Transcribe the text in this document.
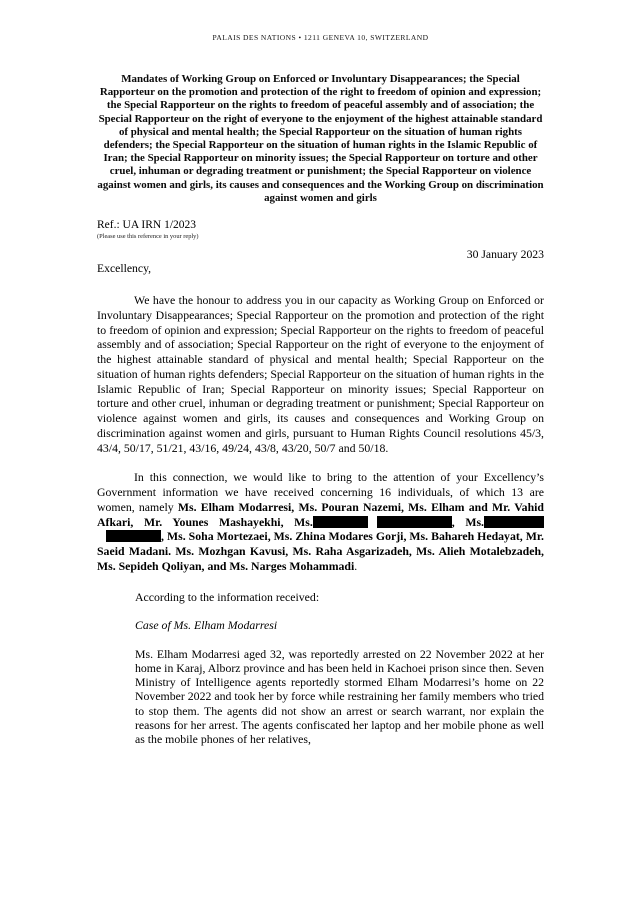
PALAIS DES NATIONS • 1211 GENEVA 10, SWITZERLAND
Mandates of Working Group on Enforced or Involuntary Disappearances; the Special Rapporteur on the promotion and protection of the right to freedom of opinion and expression; the Special Rapporteur on the rights to freedom of peaceful assembly and of association; the Special Rapporteur on the right of everyone to the enjoyment of the highest attainable standard of physical and mental health; the Special Rapporteur on the situation of human rights defenders; the Special Rapporteur on the situation of human rights in the Islamic Republic of Iran; the Special Rapporteur on minority issues; the Special Rapporteur on torture and other cruel, inhuman or degrading treatment or punishment; the Special Rapporteur on violence against women and girls, its causes and consequences and the Working Group on discrimination against women and girls
Ref.: UA IRN 1/2023
(Please use this reference in your reply)
30 January 2023
Excellency,

We have the honour to address you in our capacity as Working Group on Enforced or Involuntary Disappearances; Special Rapporteur on the promotion and protection of the right to freedom of opinion and expression; Special Rapporteur on the rights to freedom of peaceful assembly and of association; Special Rapporteur on the right of everyone to the enjoyment of the highest attainable standard of physical and mental health; Special Rapporteur on the situation of human rights defenders; Special Rapporteur on the situation of human rights in the Islamic Republic of Iran; Special Rapporteur on minority issues; Special Rapporteur on torture and other cruel, inhuman or degrading treatment or punishment; Special Rapporteur on violence against women and girls, its causes and consequences and Working Group on discrimination against women and girls, pursuant to Human Rights Council resolutions 45/3, 43/4, 50/17, 51/21, 43/16, 49/24, 43/8, 43/20, 50/7 and 50/18.

In this connection, we would like to bring to the attention of your Excellency’s Government information we have received concerning 16 individuals, of which 13 are women, namely Ms. Elham Modarresi, Ms. Pouran Nazemi, Ms. Elham and Mr. Vahid Afkari, Mr. Younes Mashayekhi, Ms.	, Ms., Ms. Soha Mortezaei, Ms. Zhina Modares Gorji, Ms. Bahareh Hedayat, Mr. Saeid Madani. Ms. Mozhgan Kavusi, Ms. Raha Asgarizadeh, Ms. Alieh Motalebzadeh, Ms. Sepideh Qoliyan, and Ms. Narges Mohammadi.

According to the information received:
Case of Ms. Elham Modarresi

Ms. Elham Modarresi aged 32, was reportedly arrested on 22 November 2022 at her home in Karaj, Alborz province and has been held in Kachoei prison since then. Seven Ministry of Intelligence agents reportedly stormed Elham Modarresi’s home on 22 November 2022 and took her by force while restraining her family members who tried to stop them. The agents did not show an arrest or search warrant, nor explain the reasons for her arrest. The agents confiscated her laptop and her mobile phone as well as the mobile phones of her relatives,
